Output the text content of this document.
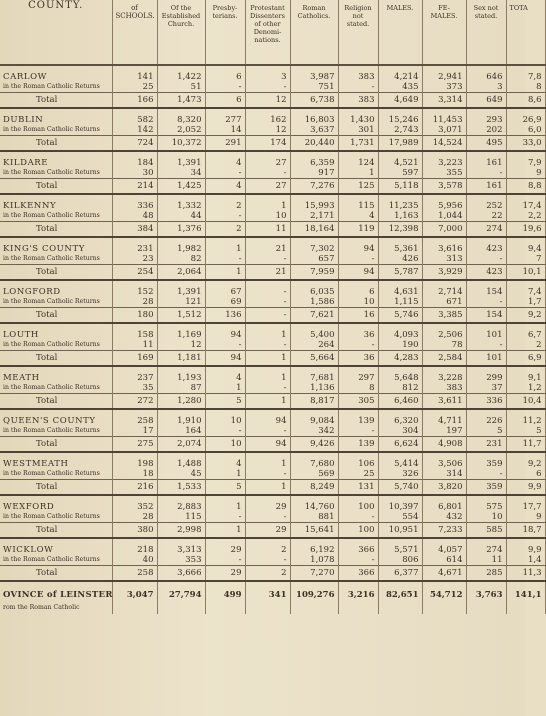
COUNTY.	of SCHOOLS.	Of the Established Church.	Presby-terians.	Protestant Dissenters of other Denomi-nations.	Roman Catholics.	Religion not stated.	MALES.	FE-MALES.	Sex not stated.	TOTA
CARLOW	141	1,422	6	3	3,987	383	4,214	2,941	646	7,8
in the Roman Catholic Returns	25	51	-	-	751	-	435	373	3	8
Total	166	1,473	6	12	6,738	383	4,649	3,314	649	8,6
DUBLIN	582	8,320	277	162	16,803	1,430	15,246	11,453	293	26,9
in the Roman Catholic Returns	142	2,052	14	12	3,637	301	2,743	3,071	202	6,0
Total	724	10,372	291	174	20,440	1,731	17,989	14,524	495	33,0
KILDARE	184	1,391	4	27	6,359	124	4,521	3,223	161	7,9
in the Roman Catholic Returns	30	34	-	-	917	1	597	355	-	9
Total	214	1,425	4	27	7,276	125	5,118	3,578	161	8,8
KILKENNY	336	1,332	2	1	15,993	115	11,235	5,956	252	17,4
in the Roman Catholic Returns	48	44	-	10	2,171	4	1,163	1,044	22	2,2
Total	384	1,376	2	11	18,164	119	12,398	7,000	274	19,6
KING'S COUNTY	231	1,982	1	21	7,302	94	5,361	3,616	423	9,4
in the Roman Catholic Returns	23	82	-	-	657	-	426	313	-	7
Total	254	2,064	1	21	7,959	94	5,787	3,929	423	10,1
LONGFORD	152	1,391	67	-	6,035	6	4,631	2,714	154	7,4
in the Roman Catholic Returns	28	121	69	-	1,586	10	1,115	671	-	1,7
Total	180	1,512	136	-	7,621	16	5,746	3,385	154	9,2
LOUTH	158	1,169	94	1	5,400	36	4,093	2,506	101	6,7
in the Roman Catholic Returns	11	12	-	-	264	-	190	78	-	2
Total	169	1,181	94	1	5,664	36	4,283	2,584	101	6,9
MEATH	237	1,193	4	1	7,681	297	5,648	3,228	299	9,1
in the Roman Catholic Returns	35	87	1	-	1,136	8	812	383	37	1,2
Total	272	1,280	5	1	8,817	305	6,460	3,611	336	10,4
QUEEN'S COUNTY	258	1,910	10	94	9,084	139	6,320	4,711	226	11,2
in the Roman Catholic Returns	17	164	-	-	342	-	304	197	5	5
Total	275	2,074	10	94	9,426	139	6,624	4,908	231	11,7
WESTMEATH	198	1,488	4	1	7,680	106	5,414	3,506	359	9,2
in the Roman Catholic Returns	18	45	1	-	569	25	326	314	-	6
Total	216	1,533	5	1	8,249	131	5,740	3,820	359	9,9
WEXFORD	352	2,883	1	29	14,760	100	10,397	6,801	575	17,7
in the Roman Catholic Returns	28	115	-	-	881	-	554	432	10	9
Total	380	2,998	1	29	15,641	100	10,951	7,233	585	18,7
WICKLOW	218	3,313	29	2	6,192	366	5,571	4,057	274	9,9
in the Roman Catholic Returns	40	353	-	-	1,078	-	806	614	11	1,4
Total	258	3,666	29	2	7,270	366	6,377	4,671	285	11,3
OVINCE of LEINSTER	3,047	27,794	499	341	109,276	3,216	82,651	54,712	3,763	141,1
rom the Roman Catholic										
